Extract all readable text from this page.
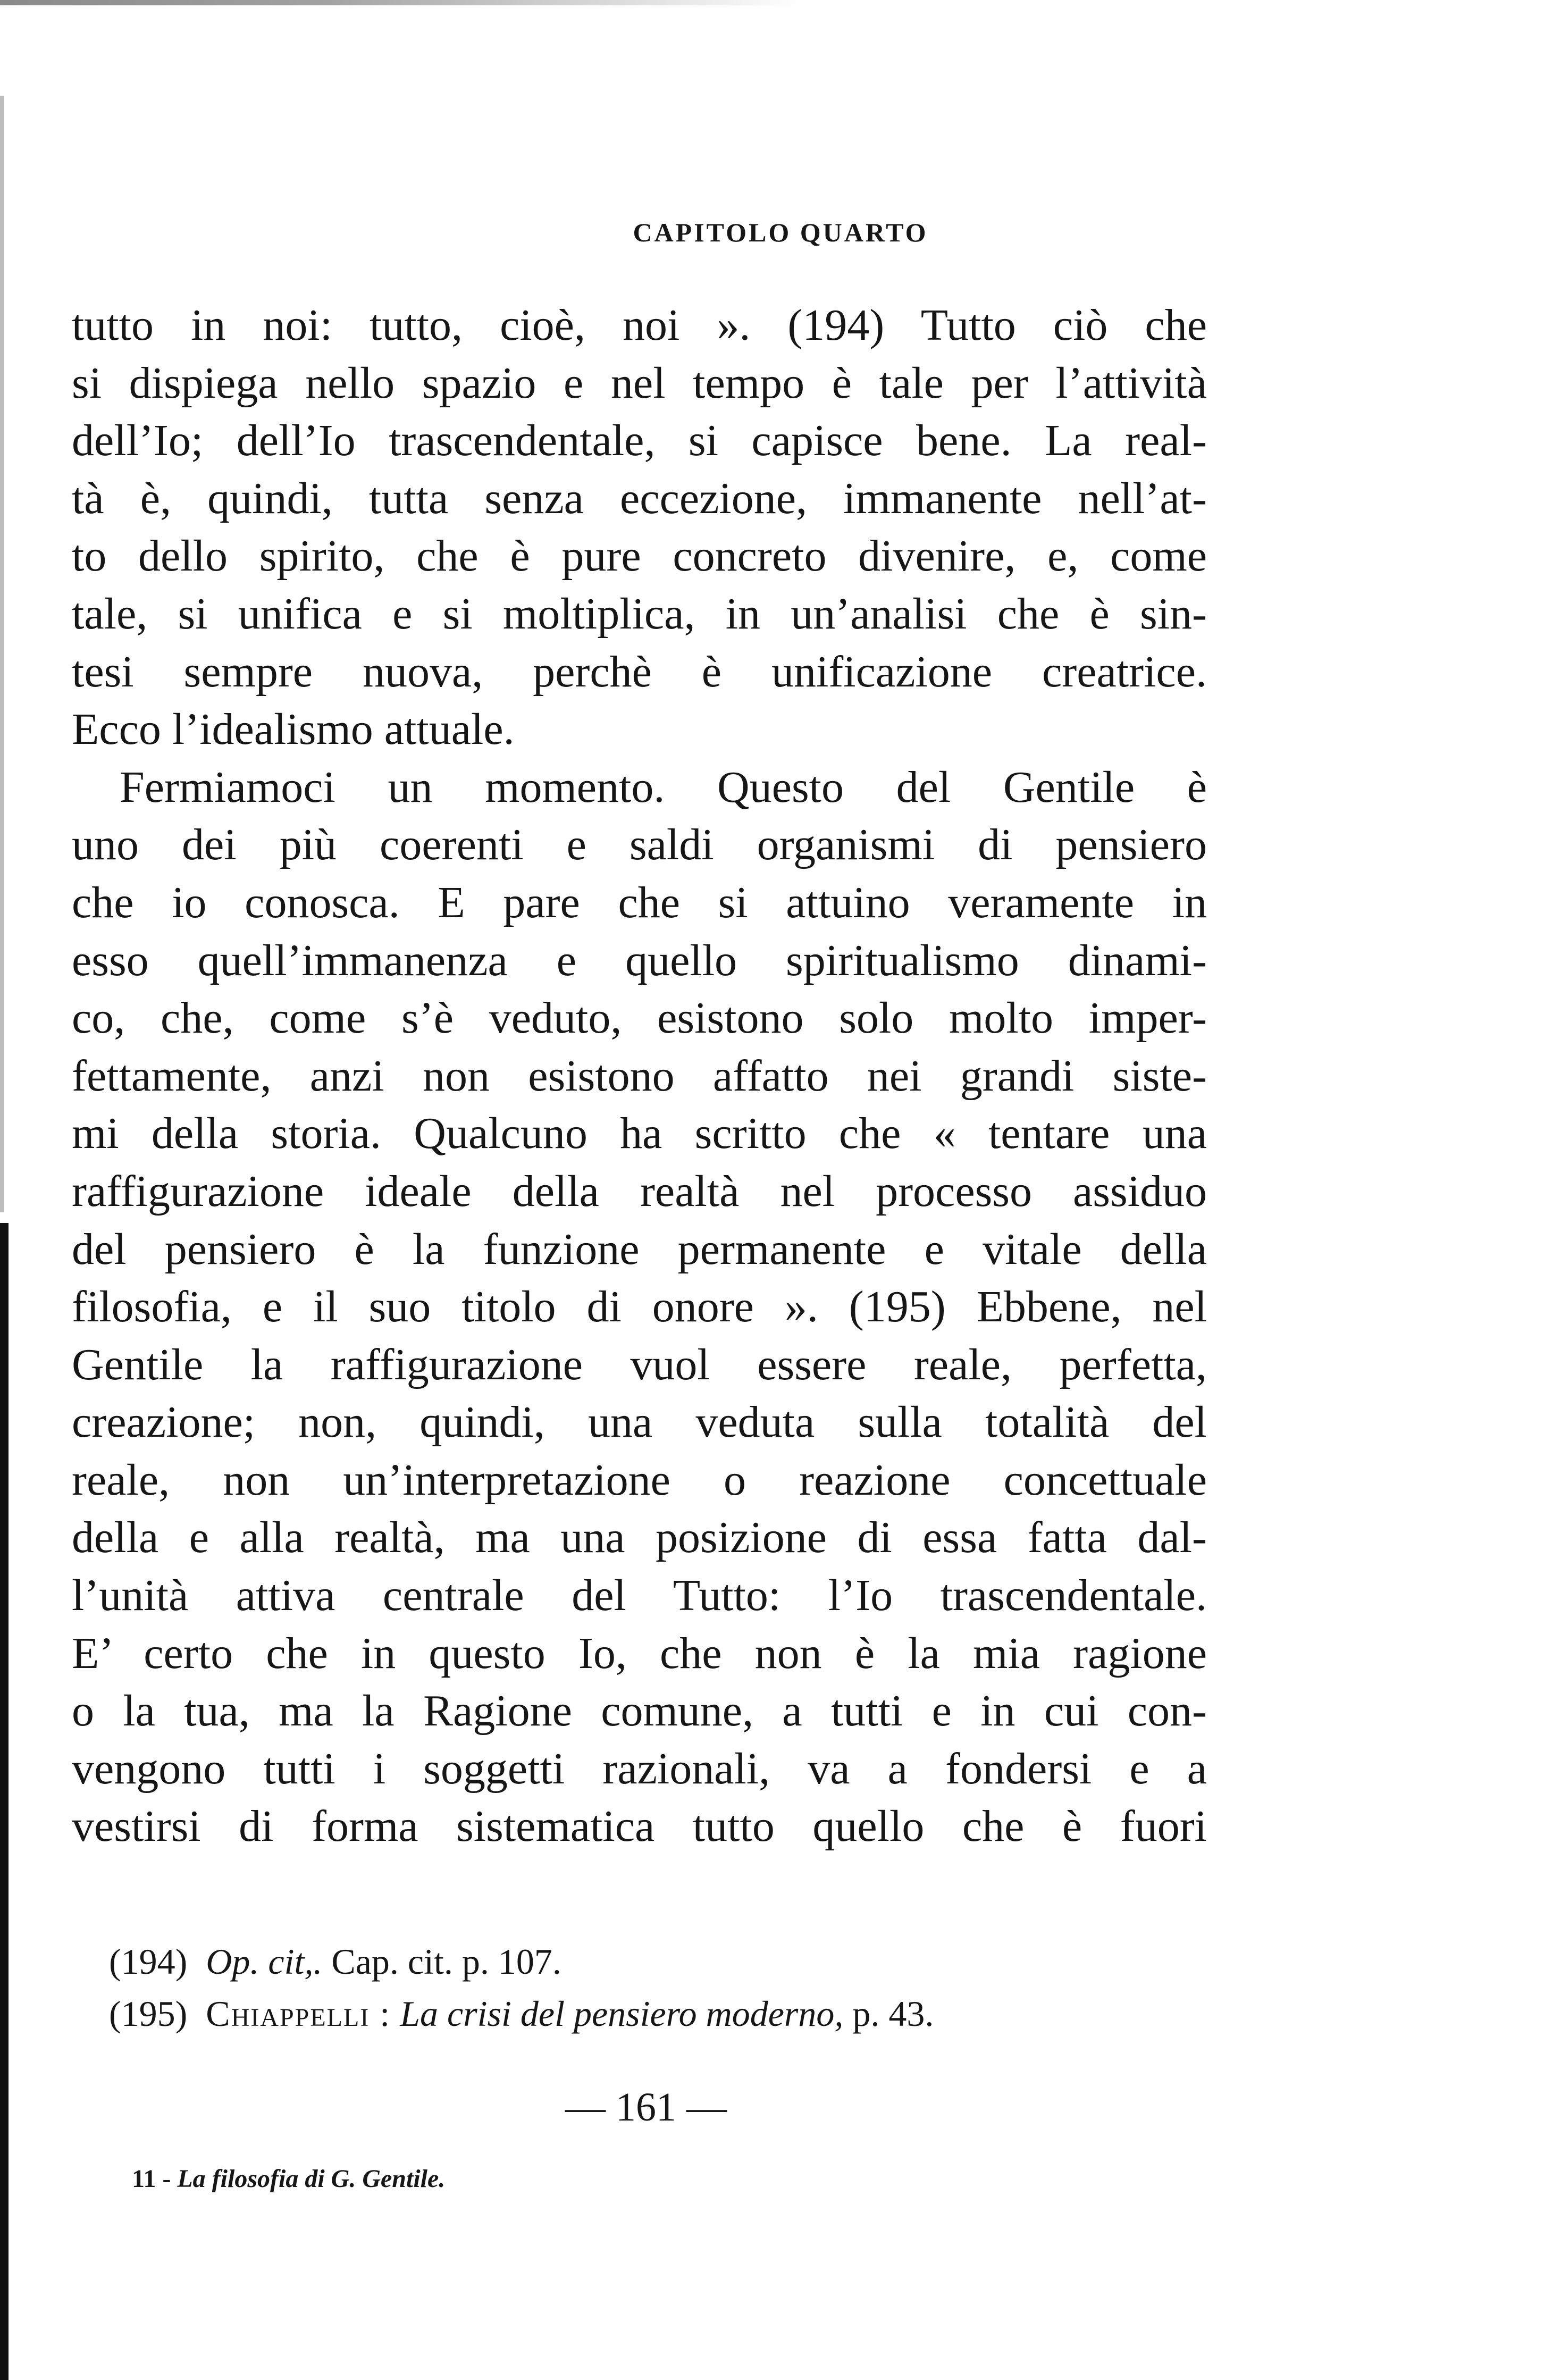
CAPITOLO QUARTO
tutto in noi: tutto, cioè, noi ». (194) Tutto ciò che
si dispiega nello spazio e nel tempo è tale per l’attività
dell’Io; dell’Io trascendentale, si capisce bene. La real-
tà è, quindi, tutta senza eccezione, immanente nell’at-
to dello spirito, che è pure concreto divenire, e, come
tale, si unifica e si moltiplica, in un’analisi che è sin-
tesi sempre nuova, perchè è unificazione creatrice.
Ecco l’idealismo attuale.
Fermiamoci un momento. Questo del Gentile è
uno dei più coerenti e saldi organismi di pensiero
che io conosca. E pare che si attuino veramente in
esso quell’immanenza e quello spiritualismo dinami-
co, che, come s’è veduto, esistono solo molto imper-
fettamente, anzi non esistono affatto nei grandi siste-
mi della storia. Qualcuno ha scritto che « tentare una
raffigurazione ideale della realtà nel processo assiduo
del pensiero è la funzione permanente e vitale della
filosofia, e il suo titolo di onore ». (195) Ebbene, nel
Gentile la raffigurazione vuol essere reale, perfetta,
creazione; non, quindi, una veduta sulla totalità del
reale, non un’interpretazione o reazione concettuale
della e alla realtà, ma una posizione di essa fatta dal-
l’unità attiva centrale del Tutto: l’Io trascendentale.
E’ certo che in questo Io, che non è la mia ragione
o la tua, ma la Ragione comune, a tutti e in cui con-
vengono tutti i soggetti razionali, va a fondersi e a
vestirsi di forma sistematica tutto quello che è fuori
(194) Op. cit,. Cap. cit. p. 107.
(195) Chiappelli : La crisi del pensiero moderno, p. 43.
— 161 —
11 - La filosofia di G. Gentile.
